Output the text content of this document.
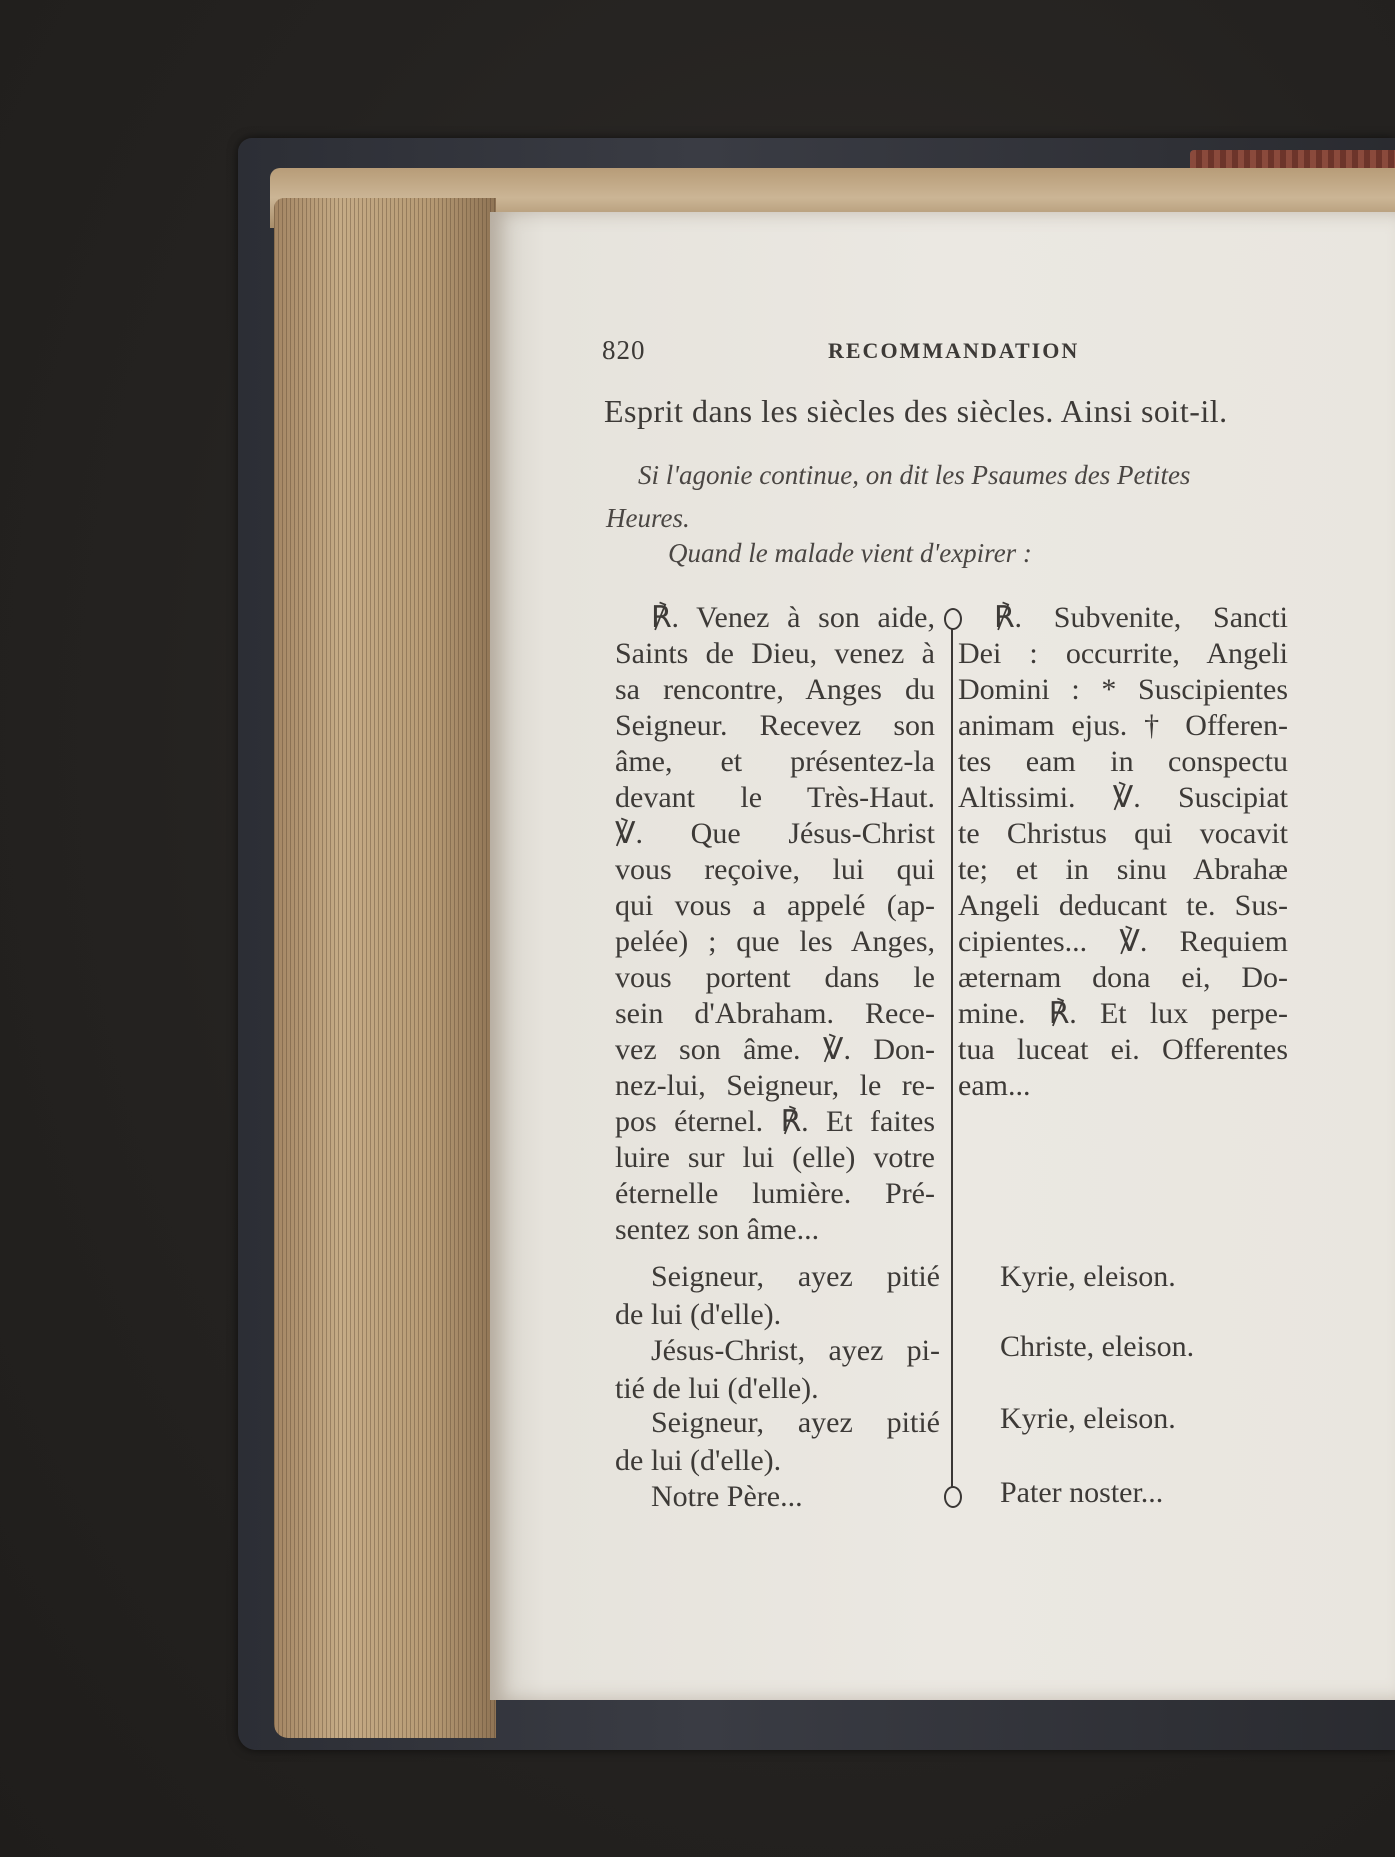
820	RECOMMANDATION
Esprit dans les siècles des siècles. Ainsi soit-il.
Si l'agonie continue, on dit les Psaumes des Petites
Heures.
Quand le malade vient d'expirer :
℟. Venez à son aide,
Saints de Dieu, venez à
sa rencontre, Anges du
Seigneur. Recevez son
âme, et présentez-la
devant le Très-Haut.
℣. Que Jésus-Christ
vous reçoive, lui qui
qui vous a appelé (ap-
pelée) ; que les Anges,
vous portent dans le
sein d'Abraham. Rece-
vez son âme. ℣. Don-
nez-lui, Seigneur, le re-
pos éternel. ℟. Et faites
luire sur lui (elle) votre
éternelle lumière. Pré-
sentez son âme...
℟. Subvenite, Sancti
Dei : occurrite, Angeli
Domini : * Suscipientes
animam ejus. † Offeren-
tes eam in conspectu
Altissimi. ℣. Suscipiat
te Christus qui vocavit
te; et in sinu Abrahæ
Angeli deducant te. Sus-
cipientes... ℣. Requiem
æternam dona ei, Do-
mine. ℟. Et lux perpe-
tua luceat ei. Offerentes
eam...
Seigneur, ayez pitié
de lui (d'elle).
Jésus-Christ, ayez pi-
tié de lui (d'elle).
Seigneur, ayez pitié
de lui (d'elle).
Notre Père...
Kyrie, eleison.
Christe, eleison.
Kyrie, eleison.
Pater noster...
